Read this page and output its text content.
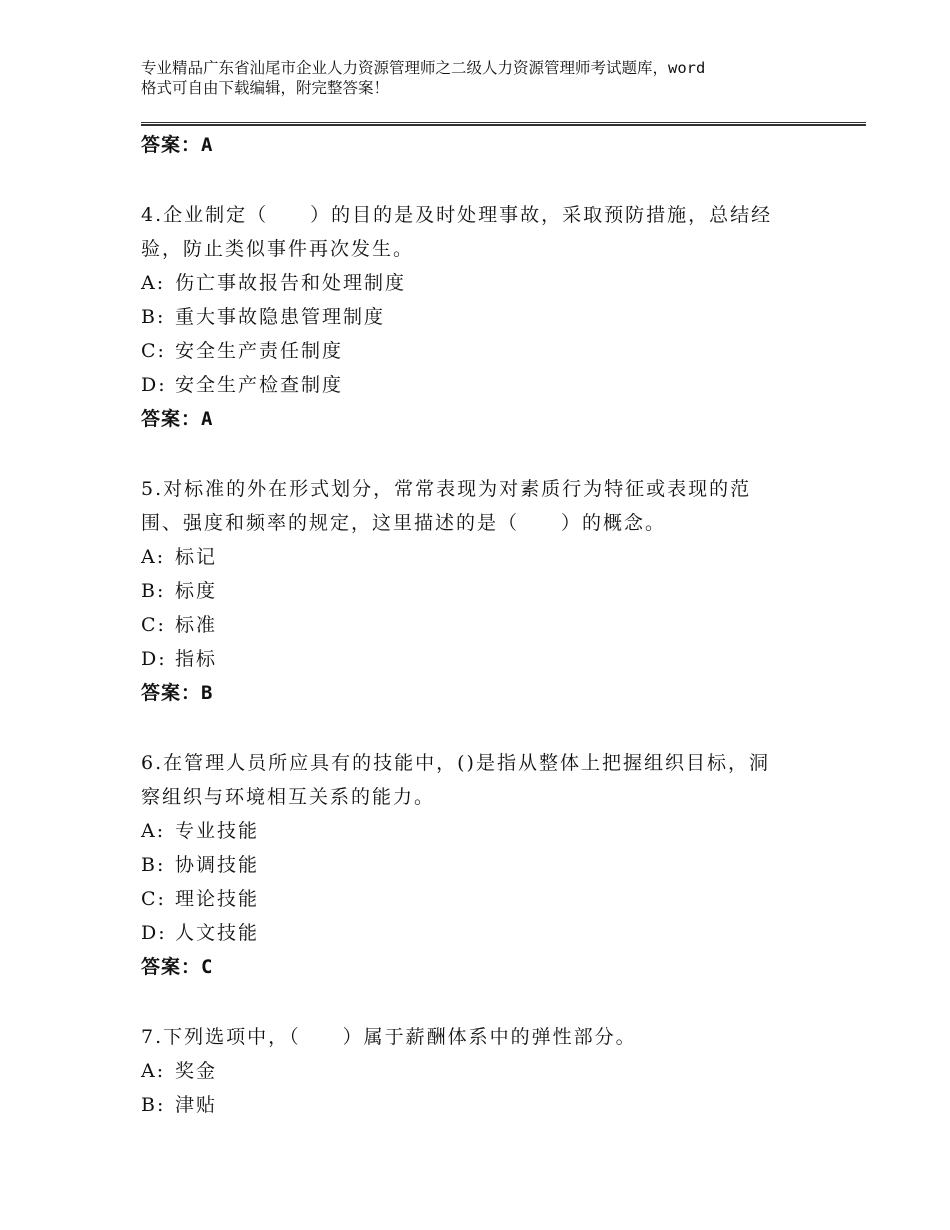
专业精品广东省汕尾市企业人力资源管理师之二级人力资源管理师考试题库，word
格式可自由下载编辑，附完整答案！
答案：A
4.企业制定（　　）的目的是及时处理事故，采取预防措施，总结经
验，防止类似事件再次发生。
A: 伤亡事故报告和处理制度
B: 重大事故隐患管理制度
C: 安全生产责任制度
D: 安全生产检查制度
答案：A
5.对标准的外在形式划分，常常表现为对素质行为特征或表现的范
围、强度和频率的规定，这里描述的是（　　）的概念。
A: 标记
B: 标度
C: 标准
D: 指标
答案：B
6.在管理人员所应具有的技能中，()是指从整体上把握组织目标，洞
察组织与环境相互关系的能力。
A: 专业技能
B: 协调技能
C: 理论技能
D: 人文技能
答案：C
7.下列选项中，（　　）属于薪酬体系中的弹性部分。
A: 奖金
B: 津贴
